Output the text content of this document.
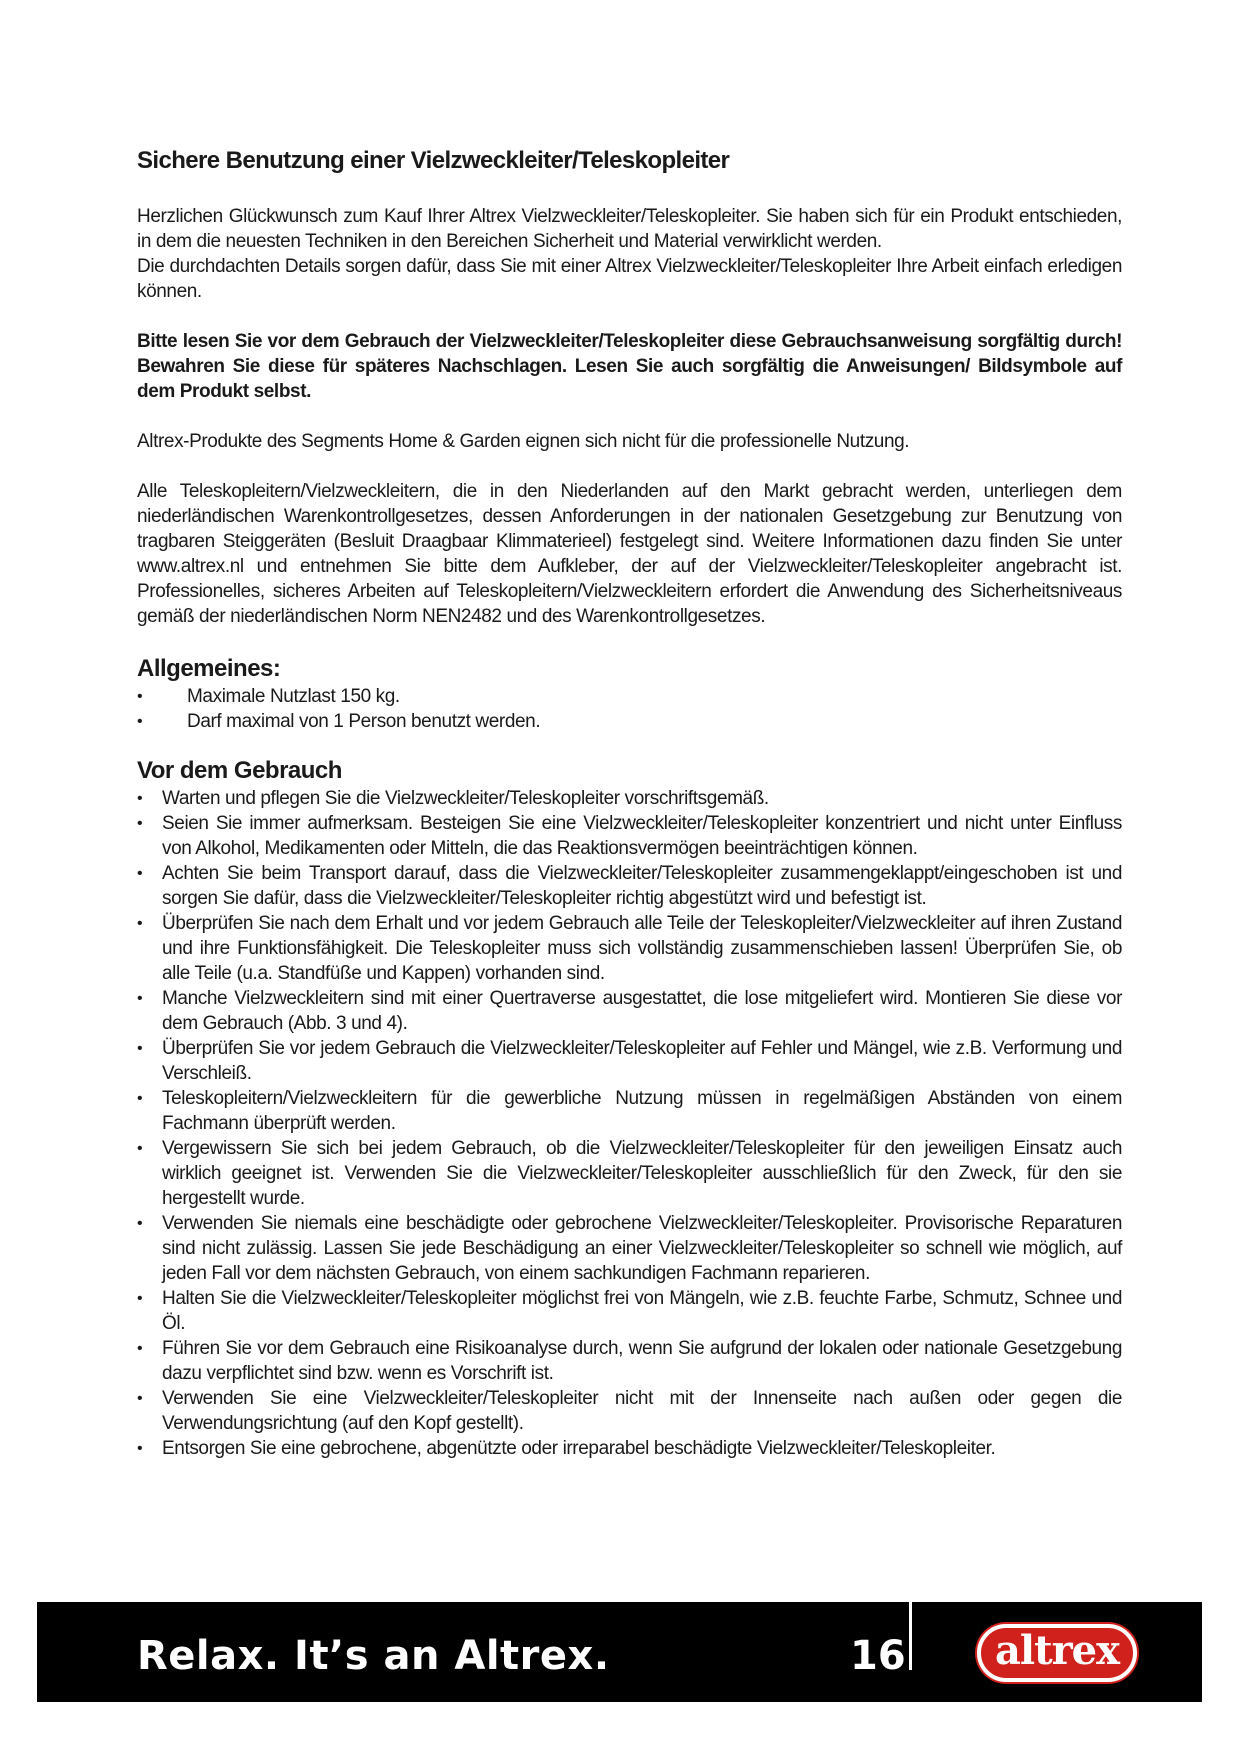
Sichere Benutzung einer Vielzweckleiter/Teleskopleiter

Herzlichen Glückwunsch zum Kauf Ihrer Altrex Vielzweckleiter/Teleskopleiter. Sie haben sich für ein Produkt entschieden, in dem die neuesten Techniken in den Bereichen Sicherheit und Material verwirklicht werden.

Die durchdachten Details sorgen dafür, dass Sie mit einer Altrex Vielzweckleiter/Teleskopleiter Ihre Arbeit einfach erledigen können.

Bitte lesen Sie vor dem Gebrauch der Vielzweckleiter/Teleskopleiter diese Gebrauchsanweisung sorgfältig durch! Bewahren Sie diese für späteres Nachschlagen. Lesen Sie auch sorgfältig die Anweisungen/ Bildsymbole auf dem Produkt selbst.

Altrex-Produkte des Segments Home & Garden eignen sich nicht für die professionelle Nutzung.

Alle Teleskopleitern/Vielzweckleitern, die in den Niederlanden auf den Markt gebracht werden, unterliegen dem niederländischen Warenkontrollgesetzes, dessen Anforderungen in der nationalen Gesetzgebung zur Benutzung von tragbaren Steiggeräten (Besluit Draagbaar Klimmaterieel) festgelegt sind. Weitere Informationen dazu finden Sie unter www.altrex.nl und entnehmen Sie bitte dem Aufkleber, der auf der Vielzweckleiter/Teleskopleiter angebracht ist. Professionelles, sicheres Arbeiten auf Teleskopleitern/Vielzweckleitern erfordert die Anwendung des Sicherheitsniveaus gemäß der niederländischen Norm NEN2482 und des Warenkontrollgesetzes.

Allgemeines:
• Maximale Nutzlast 150 kg.
• Darf maximal von 1 Person benutzt werden.
Vor dem Gebrauch
• Warten und pflegen Sie die Vielzweckleiter/Teleskopleiter vorschriftsgemäß.
• Seien Sie immer aufmerksam. Besteigen Sie eine Vielzweckleiter/Teleskopleiter konzentriert und nicht unter Einfluss von Alkohol, Medikamenten oder Mitteln, die das Reaktionsvermögen beeinträchtigen können.
• Achten Sie beim Transport darauf, dass die Vielzweckleiter/Teleskopleiter zusammengeklappt/eingeschoben ist und sorgen Sie dafür, dass die Vielzweckleiter/Teleskopleiter richtig abgestützt wird und befestigt ist.
• Überprüfen Sie nach dem Erhalt und vor jedem Gebrauch alle Teile der Teleskopleiter/Vielzweckleiter auf ihren Zustand und ihre Funktionsfähigkeit. Die Teleskopleiter muss sich vollständig zusammenschieben lassen! Überprüfen Sie, ob alle Teile (u.a. Standfüße und Kappen) vorhanden sind.
• Manche Vielzweckleitern sind mit einer Quertraverse ausgestattet, die lose mitgeliefert wird. Montieren Sie diese vor dem Gebrauch (Abb. 3 und 4).
• Überprüfen Sie vor jedem Gebrauch die Vielzweckleiter/Teleskopleiter auf Fehler und Mängel, wie z.B. Verformung und Verschleiß.
• Teleskopleitern/Vielzweckleitern für die gewerbliche Nutzung müssen in regelmäßigen Abständen von einem Fachmann überprüft werden.
• Vergewissern Sie sich bei jedem Gebrauch, ob die Vielzweckleiter/Teleskopleiter für den jeweiligen Einsatz auch wirklich geeignet ist. Verwenden Sie die Vielzweckleiter/Teleskopleiter ausschließlich für den Zweck, für den sie hergestellt wurde.
• Verwenden Sie niemals eine beschädigte oder gebrochene Vielzweckleiter/Teleskopleiter. Provisorische Reparaturen sind nicht zulässig. Lassen Sie jede Beschädigung an einer Vielzweckleiter/Teleskopleiter so schnell wie möglich, auf jeden Fall vor dem nächsten Gebrauch, von einem sachkundigen Fachmann reparieren.
• Halten Sie die Vielzweckleiter/Teleskopleiter möglichst frei von Mängeln, wie z.B. feuchte Farbe, Schmutz, Schnee und Öl.
• Führen Sie vor dem Gebrauch eine Risikoanalyse durch, wenn Sie aufgrund der lokalen oder nationale Gesetzgebung dazu verpflichtet sind bzw. wenn es Vorschrift ist.
• Verwenden Sie eine Vielzweckleiter/Teleskopleiter nicht mit der Innenseite nach außen oder gegen die Verwendungsrichtung (auf den Kopf gestellt).
• Entsorgen Sie eine gebrochene, abgenützte oder irreparabel beschädigte Vielzweckleiter/Teleskopleiter.
Relax. It’s an Altrex.	16 altrex
